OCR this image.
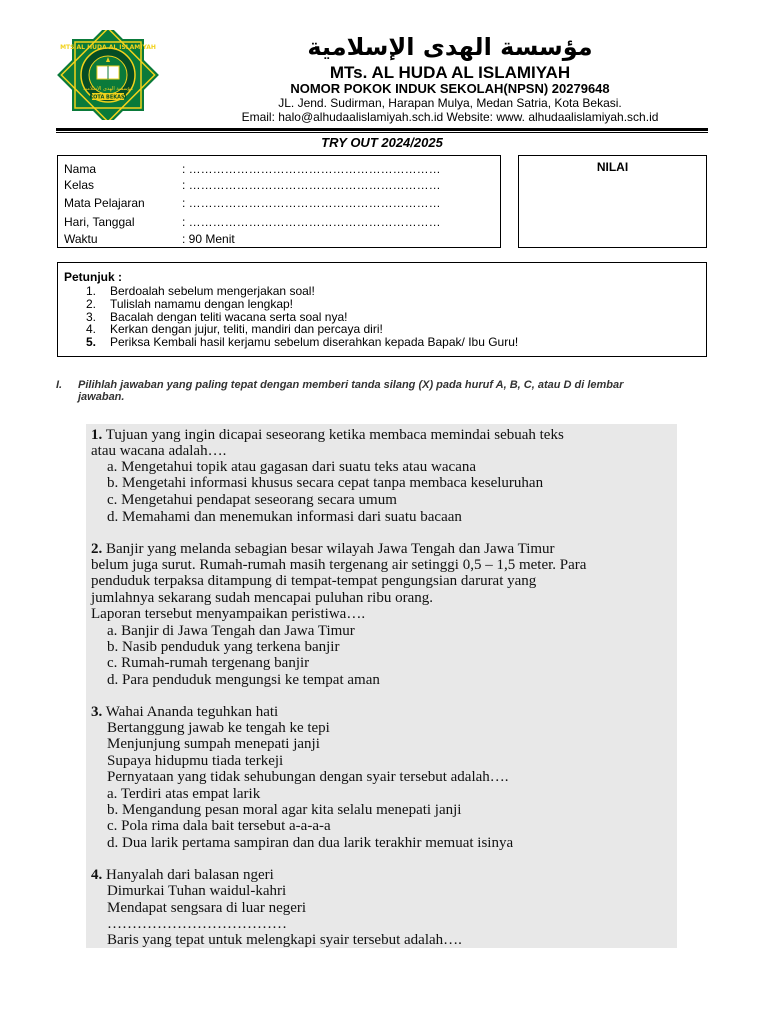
MTS AL HUDA AL ISLAMIYAH
مؤسسة الهدى الإسلامية
KOTA BEKASI
مؤسسة الهدى الإسلامية
MTs. AL HUDA AL ISLAMIYAH
NOMOR POKOK INDUK SEKOLAH(NPSN) 20279648
JL. Jend. Sudirman, Harapan Mulya, Medan Satria, Kota Bekasi.
Email: halo@alhudaalislamiyah.sch.id Website: www. alhudaalislamiyah.sch.id
TRY OUT 2024/2025
Nama	: ………………………………………………………
Kelas	: ………………………………………………………
Mata Pelajaran	: ………………………………………………………
Hari, Tanggal	: ………………………………………………………
Waktu	: 90 Menit
NILAI
Petunjuk :
1. Berdoalah sebelum mengerjakan soal!
2. Tulislah namamu dengan lengkap!
3. Bacalah dengan teliti wacana serta soal nya!
4. Kerkan dengan jujur, teliti, mandiri dan percaya diri!
5. Periksa Kembali hasil kerjamu sebelum diserahkan kepada Bapak/ Ibu Guru!
I. Pilihlah jawaban yang paling tepat dengan memberi tanda silang (X) pada huruf A, B, C, atau D di lembar
jawaban.
1. Tujuan yang ingin dicapai seseorang ketika membaca memindai sebuah teks
atau wacana adalah….
a. Mengetahui topik atau gagasan dari suatu teks atau wacana
b. Mengetahi informasi khusus secara cepat tanpa membaca keseluruhan
c. Mengetahui pendapat seseorang secara umum
d. Memahami dan menemukan informasi dari suatu bacaan
2. Banjir yang melanda sebagian besar wilayah Jawa Tengah dan Jawa Timur
belum juga surut. Rumah-rumah masih tergenang air setinggi 0,5 – 1,5 meter. Para
penduduk terpaksa ditampung di tempat-tempat pengungsian darurat yang
jumlahnya sekarang sudah mencapai puluhan ribu orang.
Laporan tersebut menyampaikan peristiwa….
a. Banjir di Jawa Tengah dan Jawa Timur
b. Nasib penduduk yang terkena banjir
c. Rumah-rumah tergenang banjir
d. Para penduduk mengungsi ke tempat aman
3. Wahai Ananda teguhkan hati
Bertanggung jawab ke tengah ke tepi
Menjunjung sumpah menepati janji
Supaya hidupmu tiada terkeji
Pernyataan yang tidak sehubungan dengan syair tersebut adalah….
a. Terdiri atas empat larik
b. Mengandung pesan moral agar kita selalu menepati janji
c. Pola rima dala bait tersebut a-a-a-a
d. Dua larik pertama sampiran dan dua larik terakhir memuat isinya
4. Hanyalah dari balasan ngeri
Dimurkai Tuhan waidul-kahri
Mendapat sengsara di luar negeri
………………………………
Baris yang tepat untuk melengkapi syair tersebut adalah….
